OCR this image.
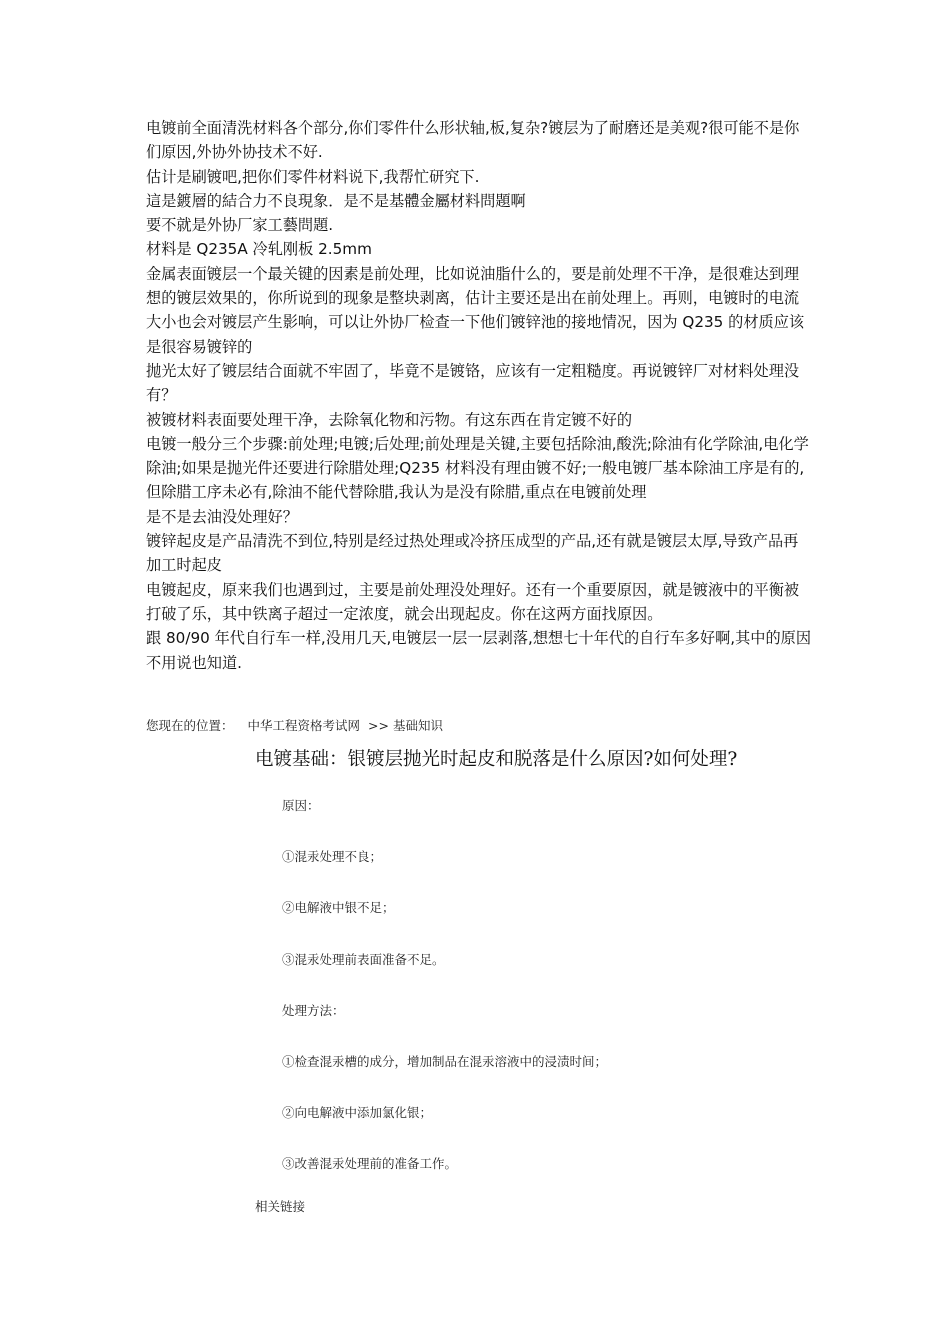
电镀前全面清洗材料各个部分,你们零件什么形状轴,板,复杂?镀层为了耐磨还是美观?很可能不是你们原因,外协外协技术不好.

估计是刷镀吧,把你们零件材料说下,我帮忙研究下.

這是鍍層的結合力不良現象．是不是基體金屬材料問題啊

要不就是外协厂家工藝問題.

材料是 Q235A 冷轧刚板 2.5mm

金属表面镀层一个最关键的因素是前处理，比如说油脂什么的，要是前处理不干净，是很难达到理想的镀层效果的，你所说到的现象是整块剥离，估计主要还是出在前处理上。再则，电镀时的电流大小也会对镀层产生影响，可以让外协厂检查一下他们镀锌池的接地情况，因为 Q235 的材质应该是很容易镀锌的

抛光太好了镀层结合面就不牢固了，毕竟不是镀铬，应该有一定粗糙度。再说镀锌厂对材料处理没有？

被镀材料表面要处理干净，去除氧化物和污物。有这东西在肯定镀不好的

电镀一般分三个步骤:前处理;电镀;后处理;前处理是关键,主要包括除油,酸洗;除油有化学除油,电化学除油;如果是抛光件还要进行除腊处理;Q235 材料没有理由镀不好;一般电镀厂基本除油工序是有的,但除腊工序未必有,除油不能代替除腊,我认为是没有除腊,重点在电镀前处理

是不是去油没处理好？

镀锌起皮是产品清洗不到位,特别是经过热处理或冷挤压成型的产品,还有就是镀层太厚,导致产品再加工时起皮

电镀起皮，原来我们也遇到过，主要是前处理没处理好。还有一个重要原因，就是镀液中的平衡被打破了乐，其中铁离子超过一定浓度，就会出现起皮。你在这两方面找原因。

跟 80/90 年代自行车一样,没用几天,电镀层一层一层剥落,想想七十年代的自行车多好啊,其中的原因不用说也知道.

您现在的位置： 中华工程资格考试网 >> 基础知识
电镀基础：银镀层抛光时起皮和脱落是什么原因?如何处理?
原因：
①混汞处理不良；
②电解液中银不足；
③混汞处理前表面准备不足。
处理方法：
①检查混汞槽的成分，增加制品在混汞溶液中的浸渍时间；
②向电解液中添加氯化银；
③改善混汞处理前的准备工作。
相关链接
